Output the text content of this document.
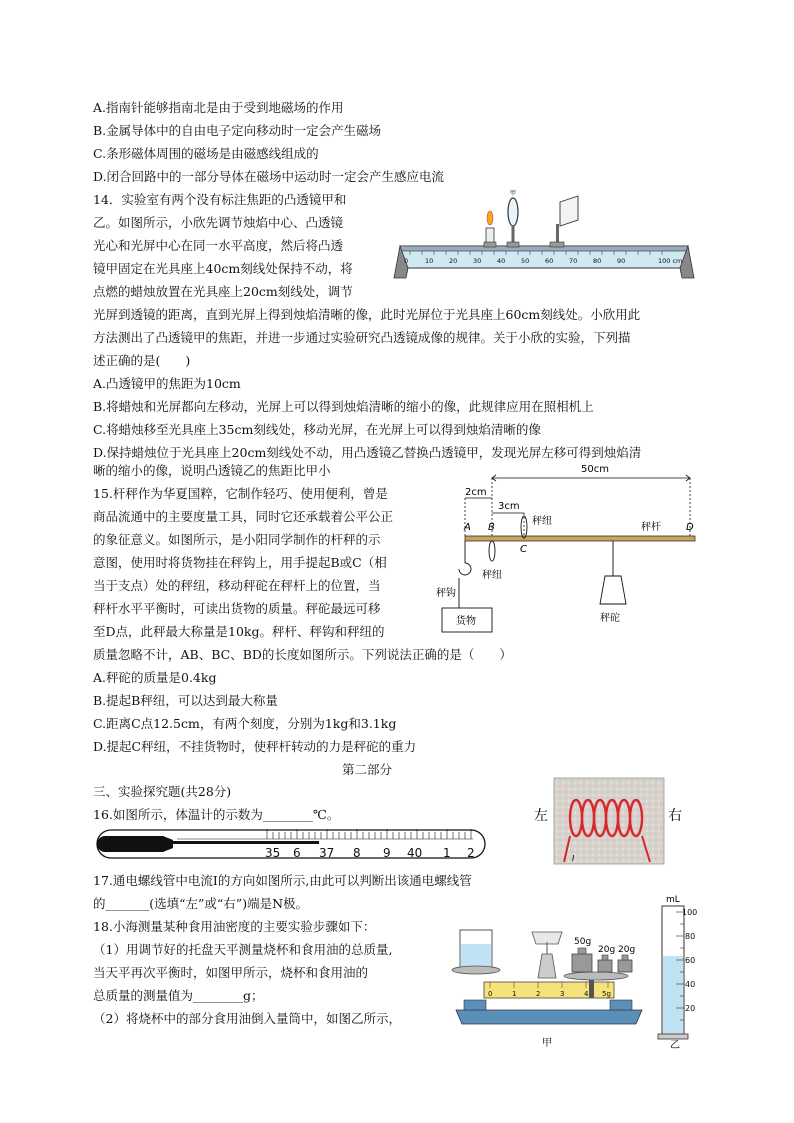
A.指南针能够指南北是由于受到地磁场的作用
B.金属导体中的自由电子定向移动时一定会产生磁场
C.条形磁体周围的磁场是由磁感线组成的
D.闭合回路中的一部分导体在磁场中运动时一定会产生感应电流
14．实验室有两个没有标注焦距的凸透镜甲和
乙。如图所示，小欣先调节烛焰中心、凸透镜
光心和光屏中心在同一水平高度，然后将凸透
镜甲固定在光具座上40cm刻线处保持不动，将
点燃的蜡烛放置在光具座上20cm刻线处，调节
光屏到透镜的距离，直到光屏上得到烛焰清晰的像，此时光屏位于光具座上60cm刻线处。小欣用此
方法测出了凸透镜甲的焦距，并进一步通过实验研究凸透镜成像的规律。关于小欣的实验，下列描
述正确的是(　　)
A.凸透镜甲的焦距为10cm
B.将蜡烛和光屏都向左移动，光屏上可以得到烛焰清晰的缩小的像，此规律应用在照相机上
C.将蜡烛移至光具座上35cm刻线处，移动光屏，在光屏上可以得到烛焰清晰的像
D.保持蜡烛位于光具座上20cm刻线处不动，用凸透镜乙替换凸透镜甲，发现光屏左移可得到烛焰清
晰的缩小的像，说明凸透镜乙的焦距比甲小
0	10 20 30 40 50 60 70 80 90	100 cm
甲
15.杆秤作为华夏国粹，它制作轻巧、使用便利，曾是
商品流通中的主要度量工具，同时它还承载着公平公正
的象征意义。如图所示，是小阳同学制作的杆秤的示
意图，使用时将货物挂在秤钩上，用手提起B或C（相
当于支点）处的秤纽，移动秤砣在秤杆上的位置，当
秤杆水平平衡时，可读出货物的质量。秤砣最远可移
至D点，此秤最大称量是10kg。秤杆、秤钩和秤纽的
质量忽略不计，AB、BC、BD的长度如图所示。下列说法正确的是（　　）
A.秤砣的质量是0.4kg
B.提起B秤纽，可以达到最大称量
C.距离C点12.5cm，有两个刻度，分别为1kg和3.1kg
D.提起C秤纽，不挂货物时，使秤杆转动的力是秤砣的重力
50cm
2cm
3cm
A B
C
D
秤纽
秤杆
秤纽
秤钩
货物	秤砣
第二部分
三、实验探究题(共28分)
16.如图所示，体温计的示数为________℃。
35 6 37 8 9 40 1 2
左	右
I
17.通电螺线管中电流I的方向如图所示,由此可以判断出该通电螺线管
的_______(选填“左”或“右”)端是N极。
18.小海测量某种食用油密度的主要实验步骤如下：
（1）用调节好的托盘天平测量烧杯和食用油的总质量,
当天平再次平衡时，如图甲所示，烧杯和食用油的
总质量的测量值为________g；
（2）将烧杯中的部分食用油倒入量筒中，如图乙所示，
50g
20g 20g
0	1	2	3	4 5g
甲
mL
100
80
60
40
20
乙
